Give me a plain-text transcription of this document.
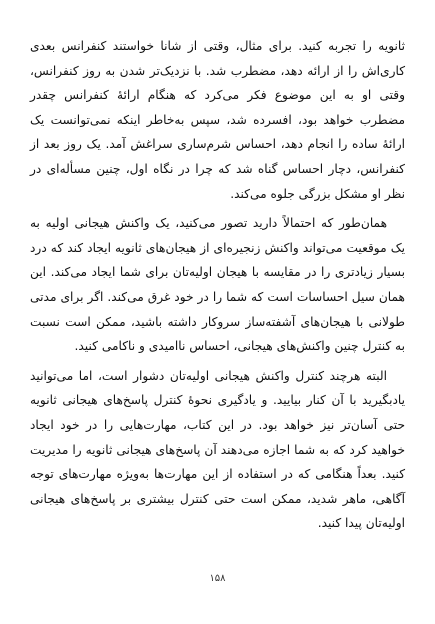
ثانویه را تجربه کنید. برای مثال، وقتی از شانا خواستند کنفرانس بعدی کاری‌اش را از ارائه دهد، مضطرب شد. با نزدیک‌تر شدن به روز کنفرانس، وقتی او به این موضوع فکر می‌کرد که هنگام ارائهٔ کنفرانس چقدر مضطرب خواهد بود، افسرده شد، سپس به‌خاطر اینکه نمی‌توانست یک ارائهٔ ساده را انجام دهد، احساس شرم‌ساری سراغش آمد. یک روز بعد از کنفرانس، دچار احساس گناه شد که چرا در نگاه اول، چنین مسأله‌ای در نظر او مشکل بزرگی جلوه می‌کند.

همان‌طور که احتمالاً دارید تصور می‌کنید، یک واکنش هیجانی اولیه به یک موقعیت می‌تواند واکنش زنجیره‌ای از هیجان‌های ثانویه ایجاد کند که درد بسیار زیادتری را در مقایسه با هیجان اولیه‌تان برای شما ایجاد می‌کند. این همان سیل احساسات است که شما را در خود غرق می‌کند. اگر برای مدتی طولانی با هیجان‌های آشفته‌ساز سروکار داشته باشید، ممکن است نسبت به کنترل چنین واکنش‌های هیجانی، احساس ناامیدی و ناکامی کنید.

البته هرچند کنترل واکنش هیجانی اولیه‌تان دشوار است، اما می‌توانید یادبگیرید با آن کنار بیایید. و یادگیری نحوهٔ کنترل پاسخ‌های هیجانی ثانویه حتی آسان‌تر نیز خواهد بود. در این کتاب، مهارت‌هایی را در خود ایجاد خواهید کرد که به شما اجازه می‌دهند آن پاسخ‌های هیجانی ثانویه را مدیریت کنید. بعداً هنگامی که در استفاده از این مهارت‌ها به‌ویژه مهارت‌های توجه آگاهی، ماهر شدید، ممکن است حتی کنترل بیشتری بر پاسخ‌های هیجانی اولیه‌تان پیدا کنید.

۱۵۸
